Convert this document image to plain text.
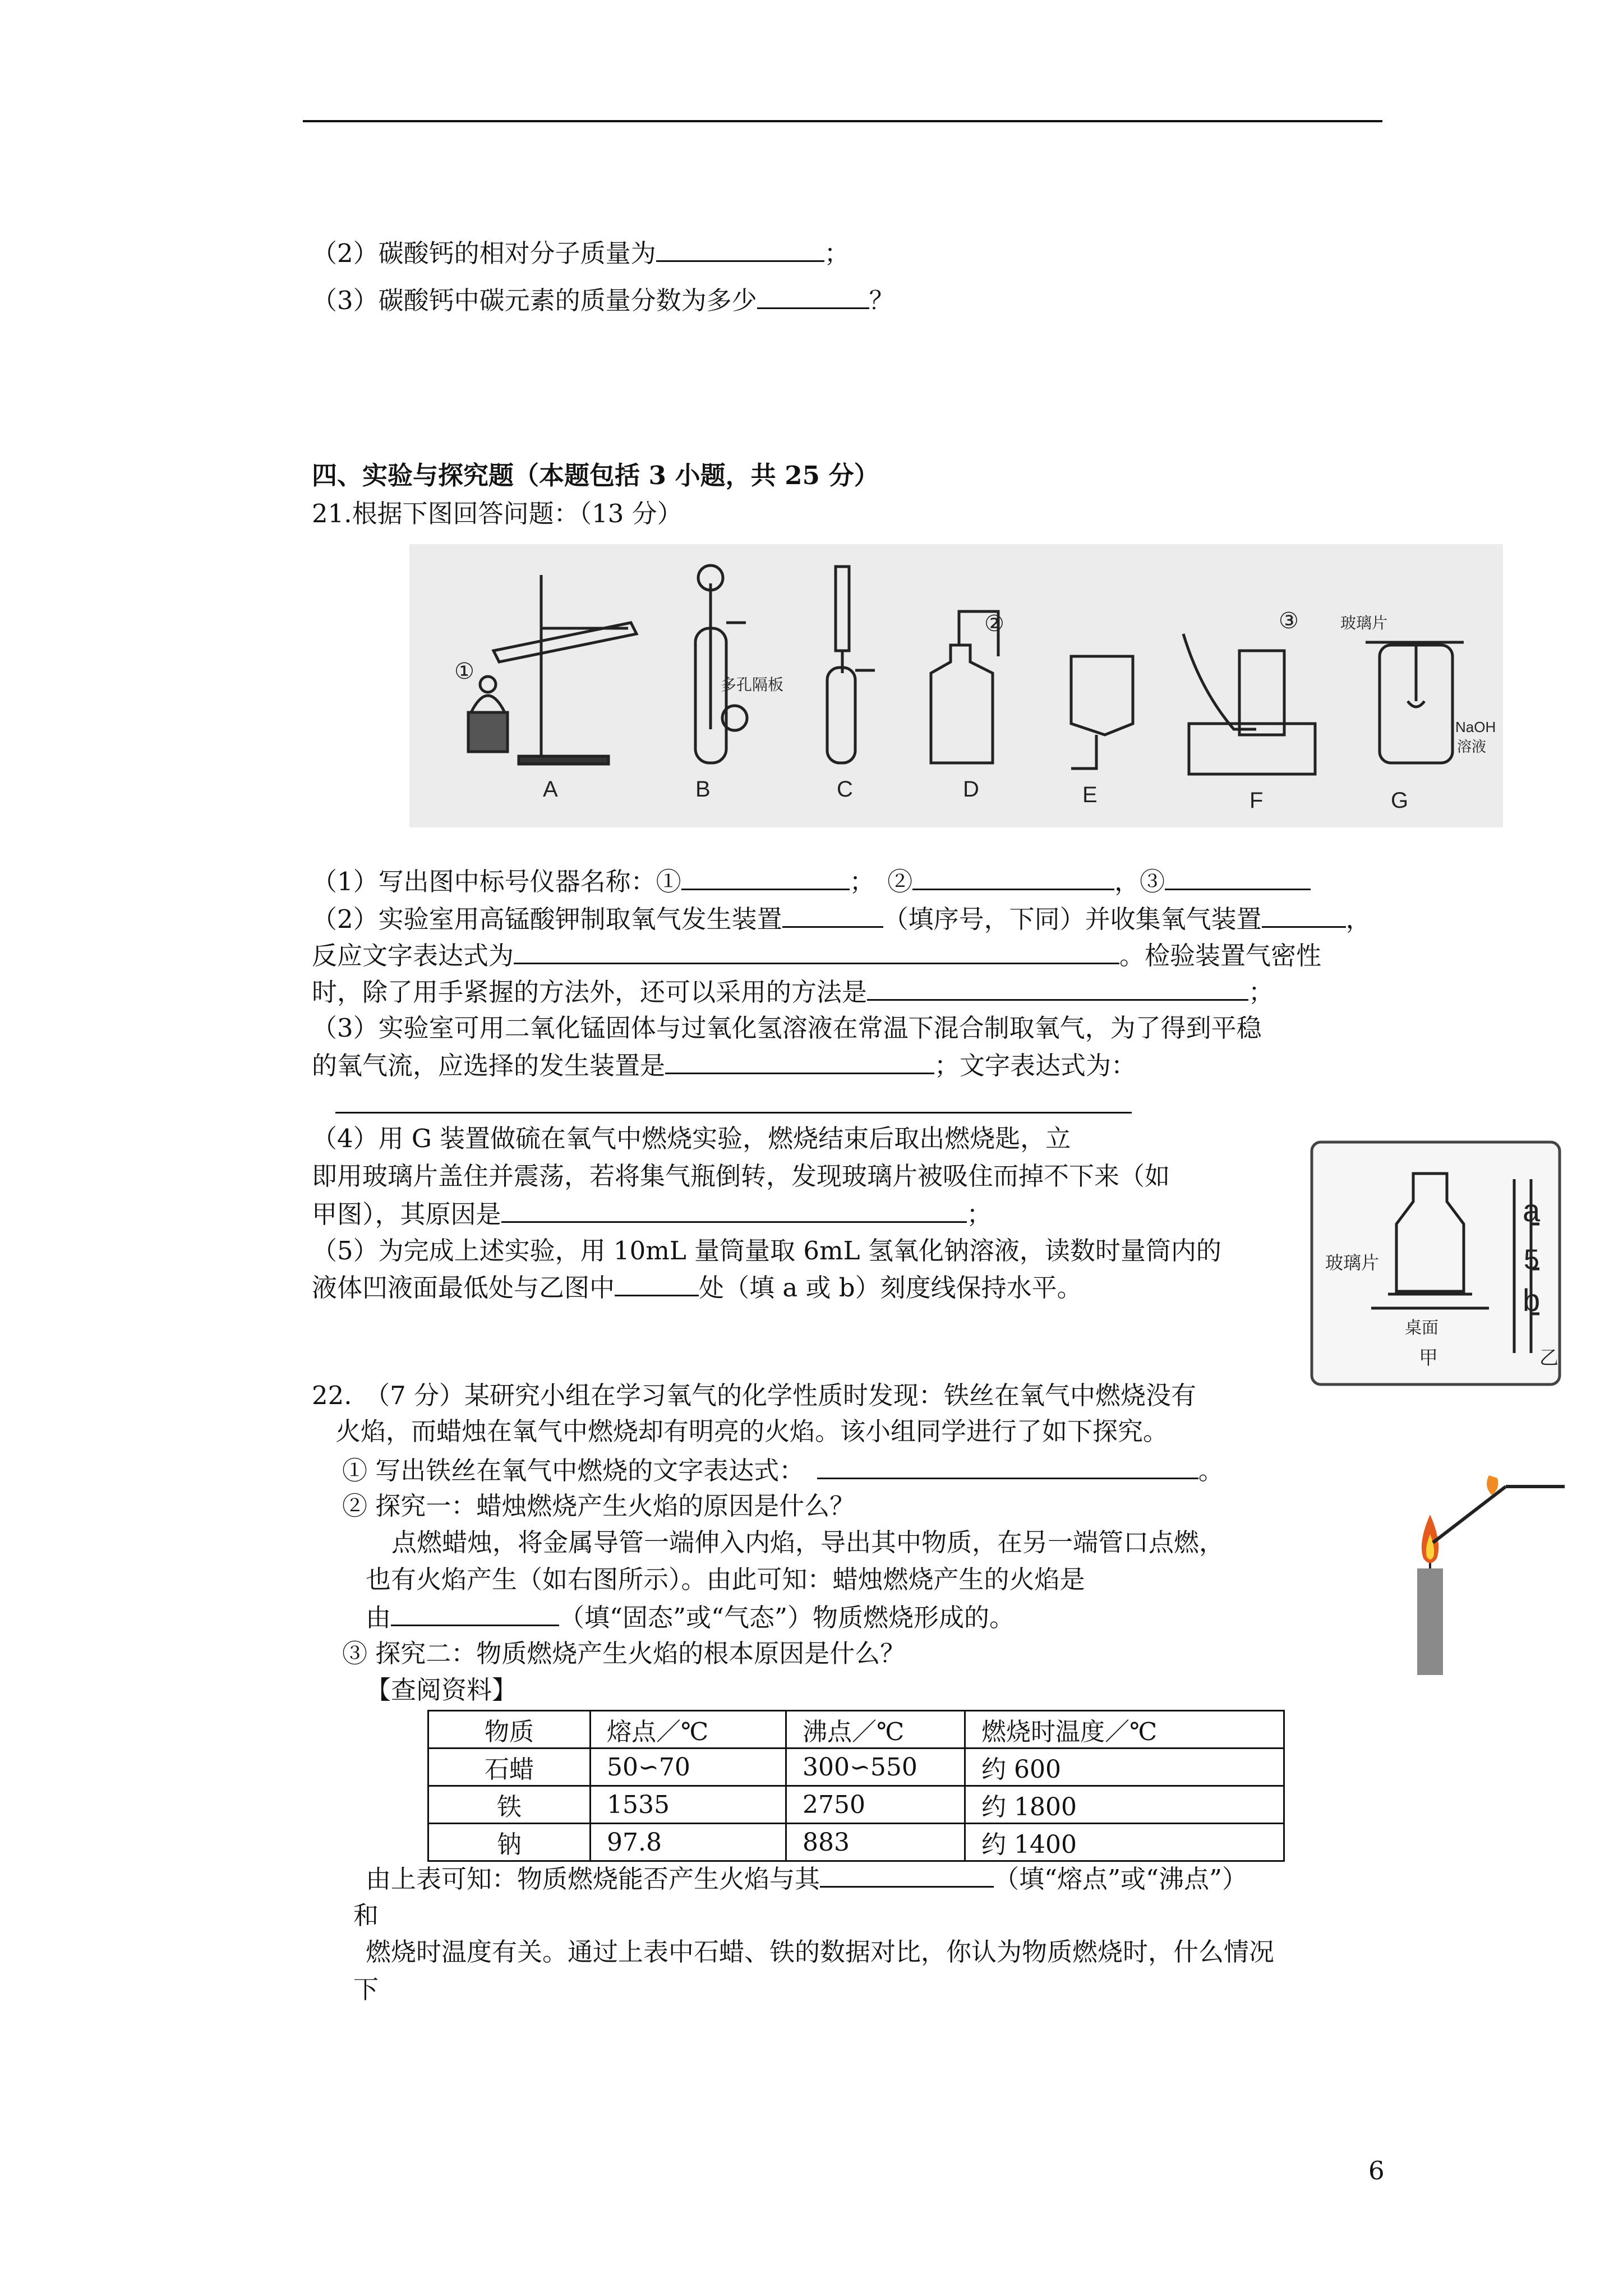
（2）碳酸钙的相对分子质量为	；
（3）碳酸钙中碳元素的质量分数为多少	？
四、实验与探究题（本题包括 3 小题，共 25 分）
21.根据下图回答问题：（13 分）
①
②	③
多孔隔板
玻璃片
NaOH
溶液
A	B	C	D	E	F	G
（1）写出图中标号仪器名称：①	；　②	，③
（2）实验室用高锰酸钾制取氧气发生装置	（填序号，下同）并收集氧气装置	，
反应文字表达式为	。检验装置气密性
时，除了用手紧握的方法外，还可以采用的方法是	；
（3）实验室可用二氧化锰固体与过氧化氢溶液在常温下混合制取氧气，为了得到平稳
的氧气流，应选择的发生装置是	；文字表达式为：
（4）用 G 装置做硫在氧气中燃烧实验，燃烧结束后取出燃烧匙，立
即用玻璃片盖住并震荡，若将集气瓶倒转，发现玻璃片被吸住而掉不下来（如
甲图），其原因是	；
（5）为完成上述实验，用 10mL 量筒量取 6mL 氢氧化钠溶液，读数时量筒内的
液体凹液面最低处与乙图中	处（填 a 或 b）刻度线保持水平。
玻璃片
桌面
甲	乙
a
5
b
22.　（7 分）某研究小组在学习氧气的化学性质时发现：铁丝在氧气中燃烧没有
火焰，而蜡烛在氧气中燃烧却有明亮的火焰。该小组同学进行了如下探究。
① 写出铁丝在氧气中燃烧的文字表达式：　	。
② 探究一：蜡烛燃烧产生火焰的原因是什么？
点燃蜡烛，将金属导管一端伸入内焰，导出其中物质，在另一端管口点燃，
也有火焰产生（如右图所示）。由此可知：蜡烛燃烧产生的火焰是
由	（填“固态”或“气态”）物质燃烧形成的。
③ 探究二：物质燃烧产生火焰的根本原因是什么？
【查阅资料】
物质	熔点／℃	沸点／℃	燃烧时温度／℃
石蜡	50∽70	300∽550	约 600
铁	1535	2750	约 1800
钠	97.8	883	约 1400
由上表可知：物质燃烧能否产生火焰与其	（填“熔点”或“沸点”）
和
燃烧时温度有关。通过上表中石蜡、铁的数据对比，你认为物质燃烧时，什么情况
下
6
